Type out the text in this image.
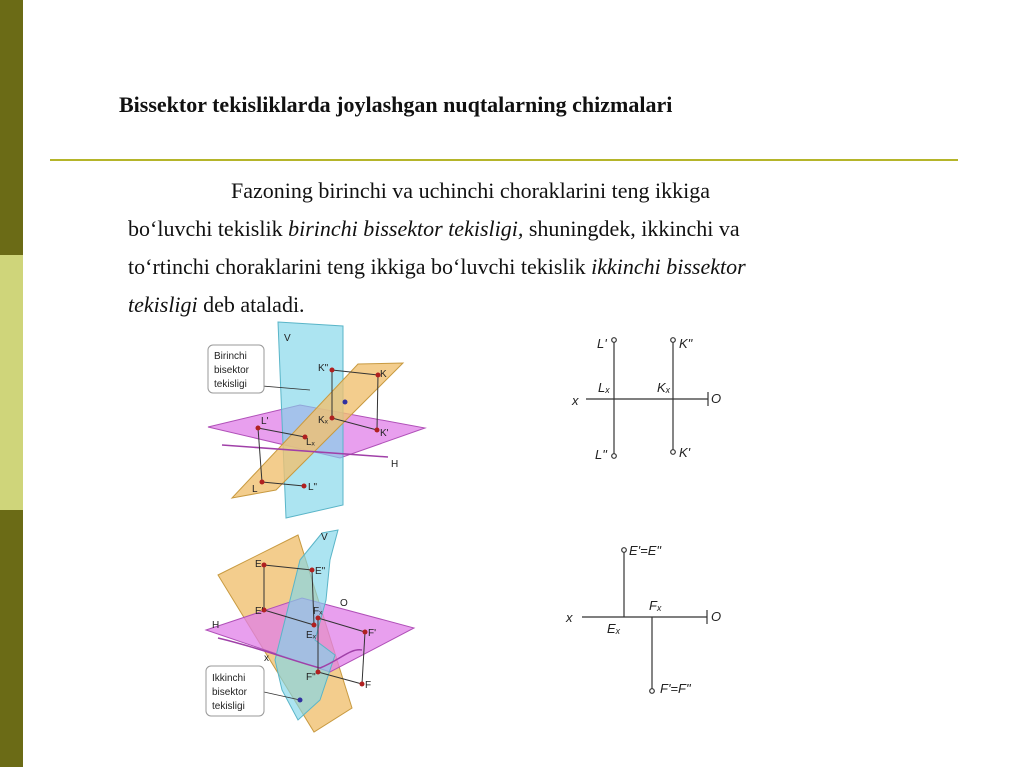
Bissektor tekisliklarda joylashgan nuqtalarning chizmalari
Fazoning birinchi va uchinchi choraklarini teng ikkiga
bo‘luvchi tekislik birinchi bissektor tekisligi, shuningdek, ikkinchi va
to‘rtinchi choraklarini teng ikkiga bo‘luvchi tekislik ikkinchi bissektor
tekisligi deb ataladi.
Birinchi
bisektor
tekisligi
V
H
K"
K
Kₓ
K'
L'
Lₓ
L	L"
L'	K"
Lₓ	Kₓ
x	O
L"	K'
Ikkinchi
bisektor
tekisligi
V
E
E"
E'	Fₓ
O
Eₓ
H
F'
x
F"
F
E'=E"
x
Eₓ
Fₓ
O
F'=F"
